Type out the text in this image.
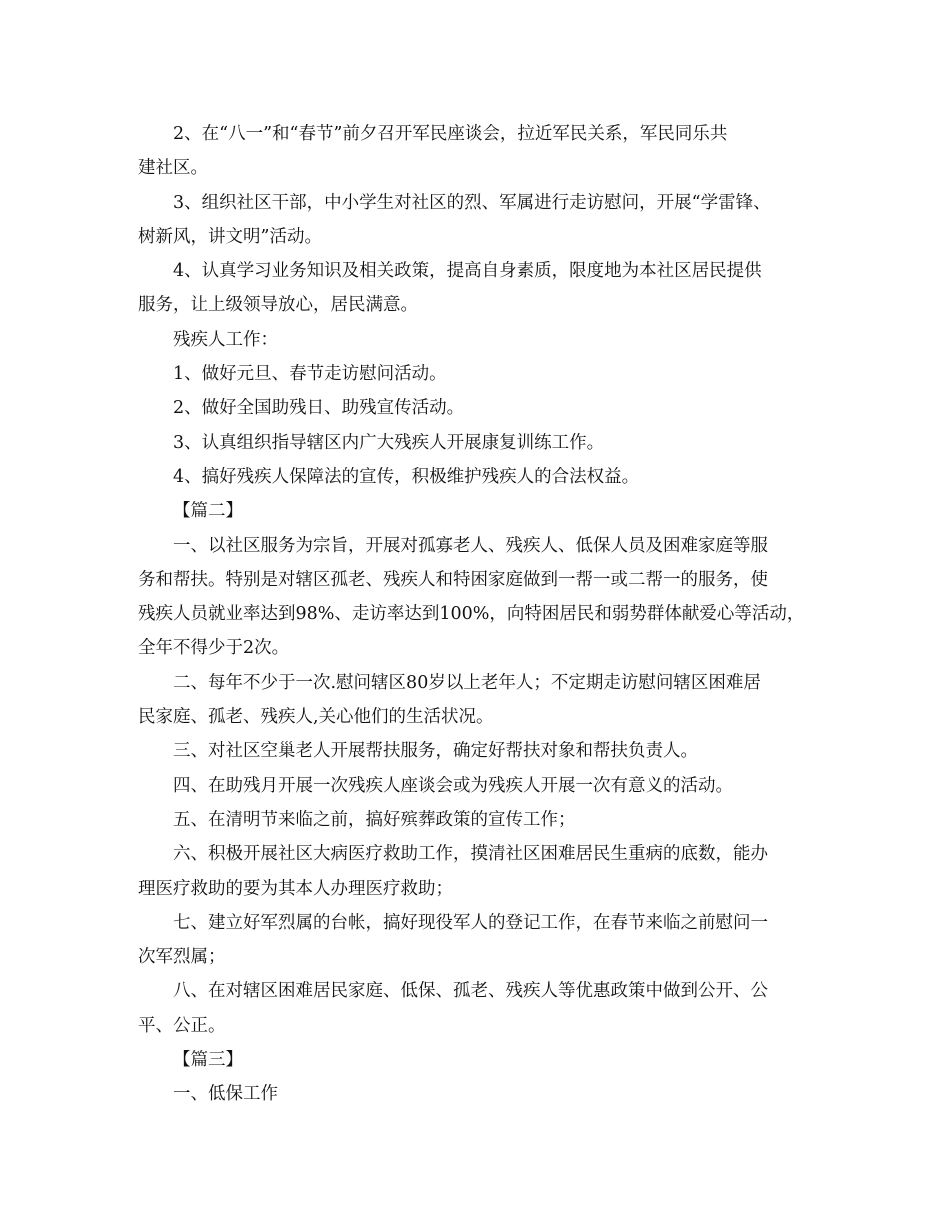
2、在“八一”和“春节”前夕召开军民座谈会，拉近军民关系，军民同乐共
建社区。
3、组织社区干部，中小学生对社区的烈、军属进行走访慰问，开展“学雷锋、
树新风，讲文明”活动。
4、认真学习业务知识及相关政策，提高自身素质，限度地为本社区居民提供
服务，让上级领导放心，居民满意。
残疾人工作：
1、做好元旦、春节走访慰问活动。
2、做好全国助残日、助残宣传活动。
3、认真组织指导辖区内广大残疾人开展康复训练工作。
4、搞好残疾人保障法的宣传，积极维护残疾人的合法权益。
【篇二】
一、以社区服务为宗旨，开展对孤寡老人、残疾人、低保人员及困难家庭等服
务和帮扶。特别是对辖区孤老、残疾人和特困家庭做到一帮一或二帮一的服务，使
残疾人员就业率达到98%、走访率达到100%，向特困居民和弱势群体献爱心等活动，
全年不得少于2次。
二、每年不少于一次.慰问辖区80岁以上老年人；不定期走访慰问辖区困难居
民家庭、孤老、残疾人,关心他们的生活状况。
三、对社区空巢老人开展帮扶服务，确定好帮扶对象和帮扶负责人。
四、在助残月开展一次残疾人座谈会或为残疾人开展一次有意义的活动。
五、在清明节来临之前，搞好殡葬政策的宣传工作；
六、积极开展社区大病医疗救助工作，摸清社区困难居民生重病的底数，能办
理医疗救助的要为其本人办理医疗救助；
七、建立好军烈属的台帐，搞好现役军人的登记工作，在春节来临之前慰问一
次军烈属；
八、在对辖区困难居民家庭、低保、孤老、残疾人等优惠政策中做到公开、公
平、公正。
【篇三】
一、低保工作
